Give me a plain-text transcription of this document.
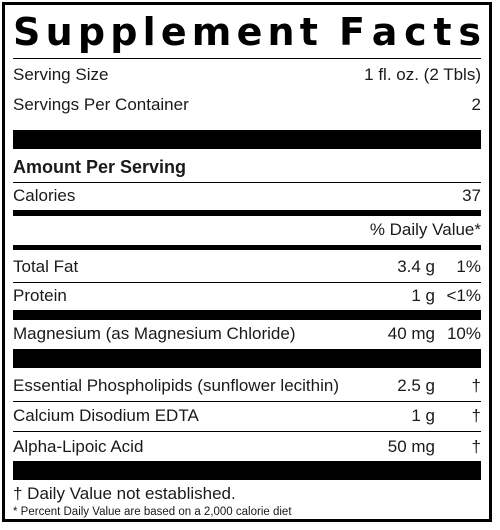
S u p p l e m e n t F a c t s
Serving Size	1 fl. oz. (2 Tbls)
Servings Per Container	2
Amount Per Serving
Calories	37
% Daily Value*
Total Fat	3.4 g	1%
Protein	1 g <1%
Magnesium (as Magnesium Chloride)	40 mg 10%
Essential Phospholipids (sunflower lecithin)	2.5 g	†
Calcium Disodium EDTA	1 g	†
Alpha-Lipoic Acid	50 mg	†
† Daily Value not established.
* Percent Daily Value are based on a 2,000 calorie diet
